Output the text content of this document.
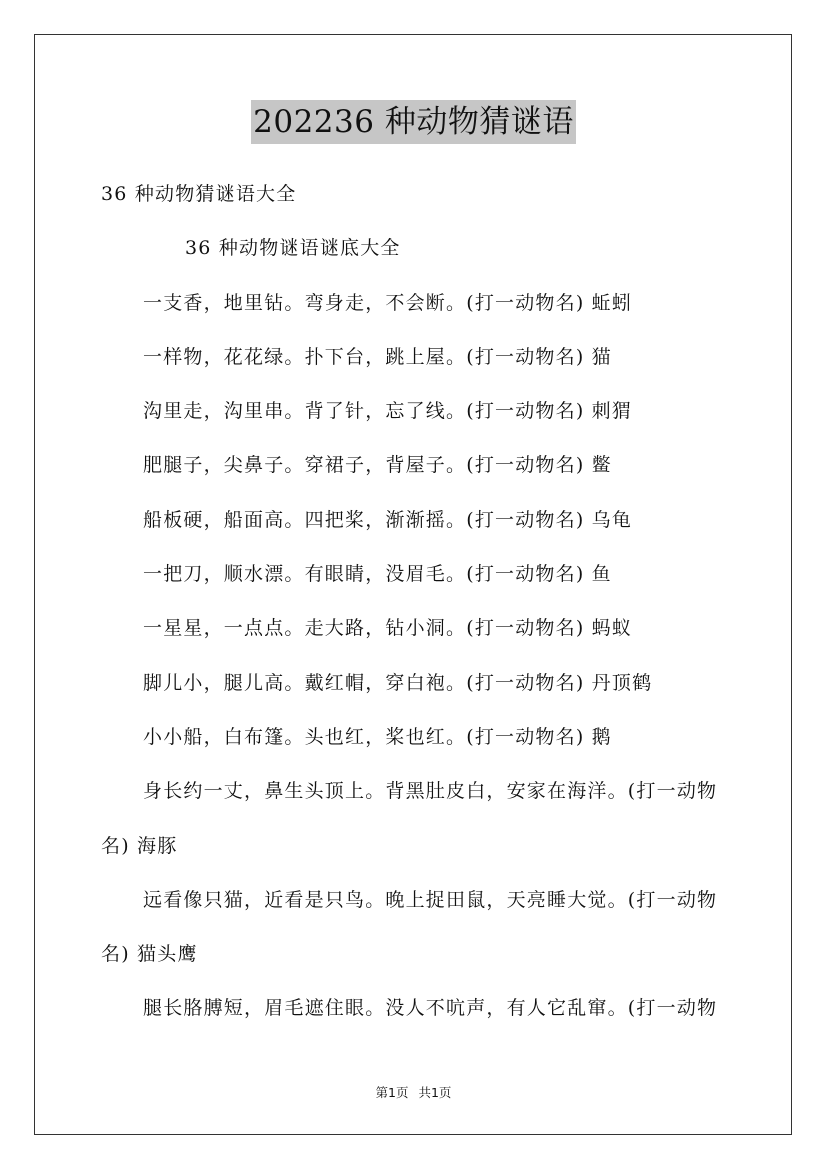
202236 种动物猜谜语
36 种动物猜谜语大全
36 种动物谜语谜底大全
一支香，地里钻。弯身走，不会断。(打一动物名) 蚯蚓
一样物，花花绿。扑下台，跳上屋。(打一动物名) 猫
沟里走，沟里串。背了针，忘了线。(打一动物名) 刺猬
肥腿子，尖鼻子。穿裙子，背屋子。(打一动物名) 鳖
船板硬，船面高。四把桨，渐渐摇。(打一动物名) 乌龟
一把刀，顺水漂。有眼睛，没眉毛。(打一动物名) 鱼
一星星，一点点。走大路，钻小洞。(打一动物名) 蚂蚁
脚儿小，腿儿高。戴红帽，穿白袍。(打一动物名) 丹顶鹤
小小船，白布篷。头也红，桨也红。(打一动物名) 鹅
身长约一丈，鼻生头顶上。背黑肚皮白，安家在海洋。(打一动物
名) 海豚
远看像只猫，近看是只鸟。晚上捉田鼠，天亮睡大觉。(打一动物
名) 猫头鹰
腿长胳膊短，眉毛遮住眼。没人不吭声，有人它乱窜。(打一动物
第1页 共1页
